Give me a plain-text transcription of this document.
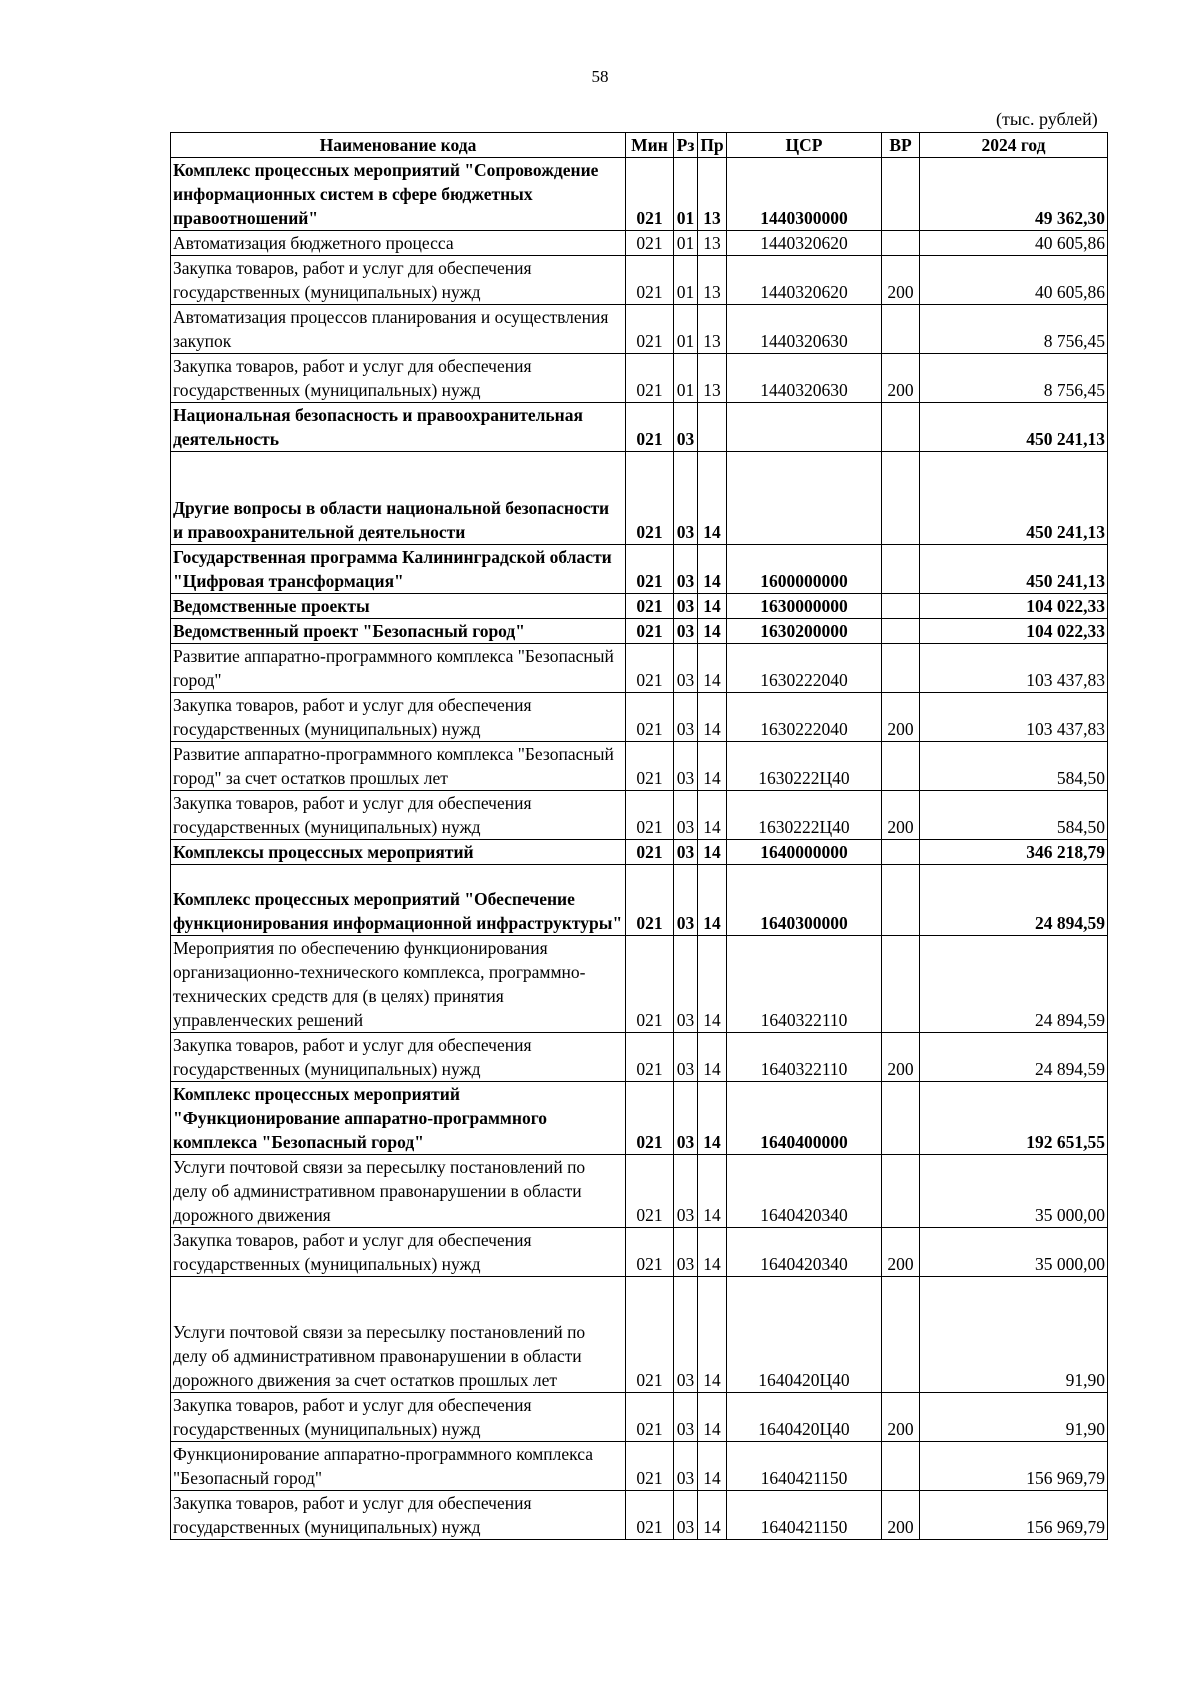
58
(тыс. рублей)
Наименование кода	Мин	Рз	Пр	ЦСР	ВР	2024 год
Комплекс процессных мероприятий "Сопровождение информационных систем в сфере бюджетных правоотношений"	021	01	13	1440300000		49 362,30
Автоматизация бюджетного процесса	021	01	13	1440320620		40 605,86
Закупка товаров, работ и услуг для обеспечения государственных (муниципальных) нужд	021	01	13	1440320620	200	40 605,86
Автоматизация процессов планирования и осуществления закупок	021	01	13	1440320630		8 756,45
Закупка товаров, работ и услуг для обеспечения государственных (муниципальных) нужд	021	01	13	1440320630	200	8 756,45
Национальная безопасность и правоохранительная деятельность	021	03				450 241,13
Другие вопросы в области национальной безопасности и правоохранительной деятельности	021	03	14			450 241,13
Государственная программа Калининградской области "Цифровая трансформация"	021	03	14	1600000000		450 241,13
Ведомственные проекты	021	03	14	1630000000		104 022,33
Ведомственный проект "Безопасный город"	021	03	14	1630200000		104 022,33
Развитие аппаратно-программного комплекса "Безопасный город"	021	03	14	1630222040		103 437,83
Закупка товаров, работ и услуг для обеспечения государственных (муниципальных) нужд	021	03	14	1630222040	200	103 437,83
Развитие аппаратно-программного комплекса "Безопасный город" за счет остатков прошлых лет	021	03	14	1630222Ц40		584,50
Закупка товаров, работ и услуг для обеспечения государственных (муниципальных) нужд	021	03	14	1630222Ц40	200	584,50
Комплексы процессных мероприятий	021	03	14	1640000000		346 218,79
Комплекс процессных мероприятий "Обеспечение функционирования информационной инфраструктуры"	021	03	14	1640300000		24 894,59
Мероприятия по обеспечению функционирования организационно-технического комплекса, программно-технических средств для (в целях) принятия управленческих решений	021	03	14	1640322110		24 894,59
Закупка товаров, работ и услуг для обеспечения государственных (муниципальных) нужд	021	03	14	1640322110	200	24 894,59
Комплекс процессных мероприятий "Функционирование аппаратно-программного комплекса "Безопасный город"	021	03	14	1640400000		192 651,55
Услуги почтовой связи за пересылку постановлений по делу об административном правонарушении в области дорожного движения	021	03	14	1640420340		35 000,00
Закупка товаров, работ и услуг для обеспечения государственных (муниципальных) нужд	021	03	14	1640420340	200	35 000,00
Услуги почтовой связи за пересылку постановлений по делу об административном правонарушении в области дорожного движения за счет остатков прошлых лет	021	03	14	1640420Ц40		91,90
Закупка товаров, работ и услуг для обеспечения государственных (муниципальных) нужд	021	03	14	1640420Ц40	200	91,90
Функционирование аппаратно-программного комплекса "Безопасный город"	021	03	14	1640421150		156 969,79
Закупка товаров, работ и услуг для обеспечения государственных (муниципальных) нужд	021	03	14	1640421150	200	156 969,79
